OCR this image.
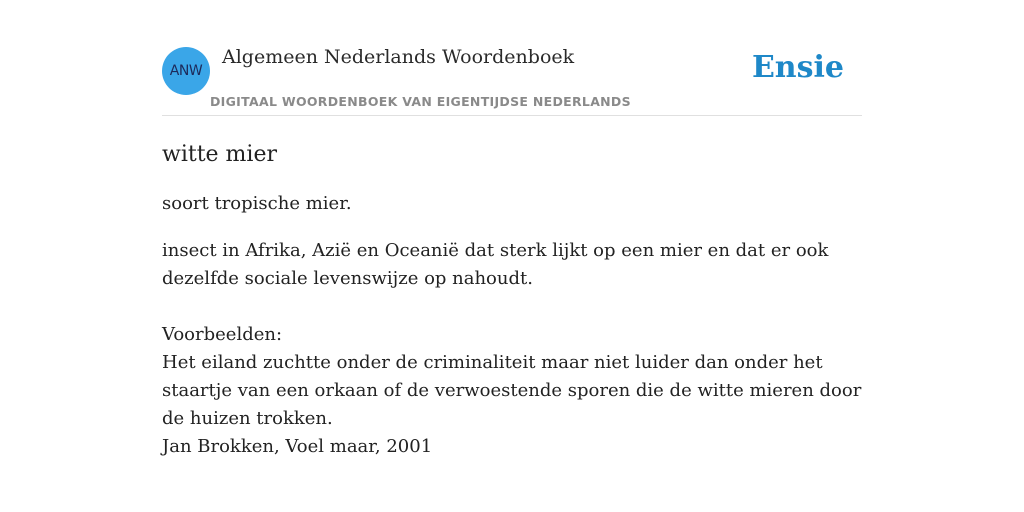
ANW
Algemeen Nederlands Woordenboek
DIGITAAL WOORDENBOEK VAN EIGENTIJDSE NEDERLANDS
Ensie
witte mier

soort tropische mier.

insect in Afrika, Azië en Oceanië dat sterk lijkt op een mier en dat er ook dezelfde sociale levenswijze op nahoudt.

Voorbeelden:

Het eiland zuchtte onder de criminaliteit maar niet luider dan onder het staartje van een orkaan of de verwoestende sporen die de witte mieren door de huizen trokken.

Jan Brokken, Voel maar, 2001
